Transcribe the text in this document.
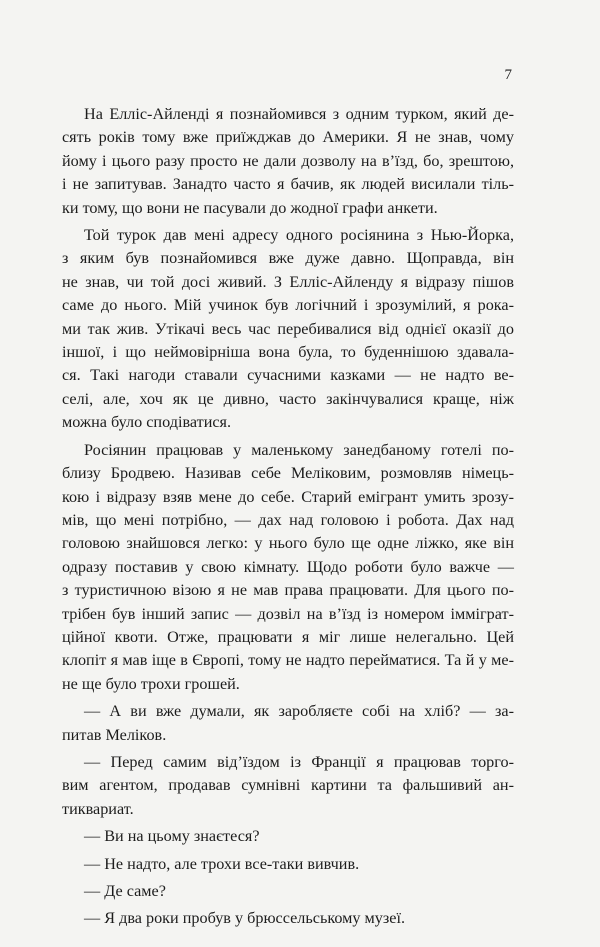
7
На Елліс-Айленді я познайомився з одним турком, який де-
сять років тому вже приїжджав до Америки. Я не знав, чому
йому і цього разу просто не дали дозволу на в’їзд, бо, зрештою,
і не запитував. Занадто часто я бачив, як людей висилали тіль-
ки тому, що вони не пасували до жодної графи анкети.
Той турок дав мені адресу одного росіянина з Нью-Йорка,
з яким був познайомився вже дуже давно. Щоправда, він
не знав, чи той досі живий. З Елліс-Айленду я відразу пішов
саме до нього. Мій учинок був логічний і зрозумілий, я рока-
ми так жив. Утікачі весь час перебивалися від однієї оказії до
іншої, і що неймовірніша вона була, то буденнішою здавала-
ся. Такі нагоди ставали сучасними казками — не надто ве-
селі, але, хоч як це дивно, часто закінчувалися краще, ніж
можна було сподіватися.
Росіянин працював у маленькому занедбаному готелі по-
близу Бродвею. Називав себе Меліковим, розмовляв німець-
кою і відразу взяв мене до себе. Старий емігрант умить зрозу-
мів, що мені потрібно, — дах над головою і робота. Дах над
головою знайшовся легко: у нього було ще одне ліжко, яке він
одразу поставив у свою кімнату. Щодо роботи було важче —
з туристичною візою я не мав права працювати. Для цього по-
трібен був інший запис — дозвіл на в’їзд із номером імміграт-
ційної квоти. Отже, працювати я міг лише нелегально. Цей
клопіт я мав іще в Європі, тому не надто перейматися. Та й у ме-
не ще було трохи грошей.
— А ви вже думали, як заробляєте собі на хліб? — за-
питав Меліков.
— Перед самим від’їздом із Франції я працював торго-
вим агентом, продавав сумнівні картини та фальшивий ан-
тиквариат.
— Ви на цьому знаєтеся?
— Не надто, але трохи все-таки вивчив.
— Де саме?
— Я два роки пробув у брюссельському музеї.
